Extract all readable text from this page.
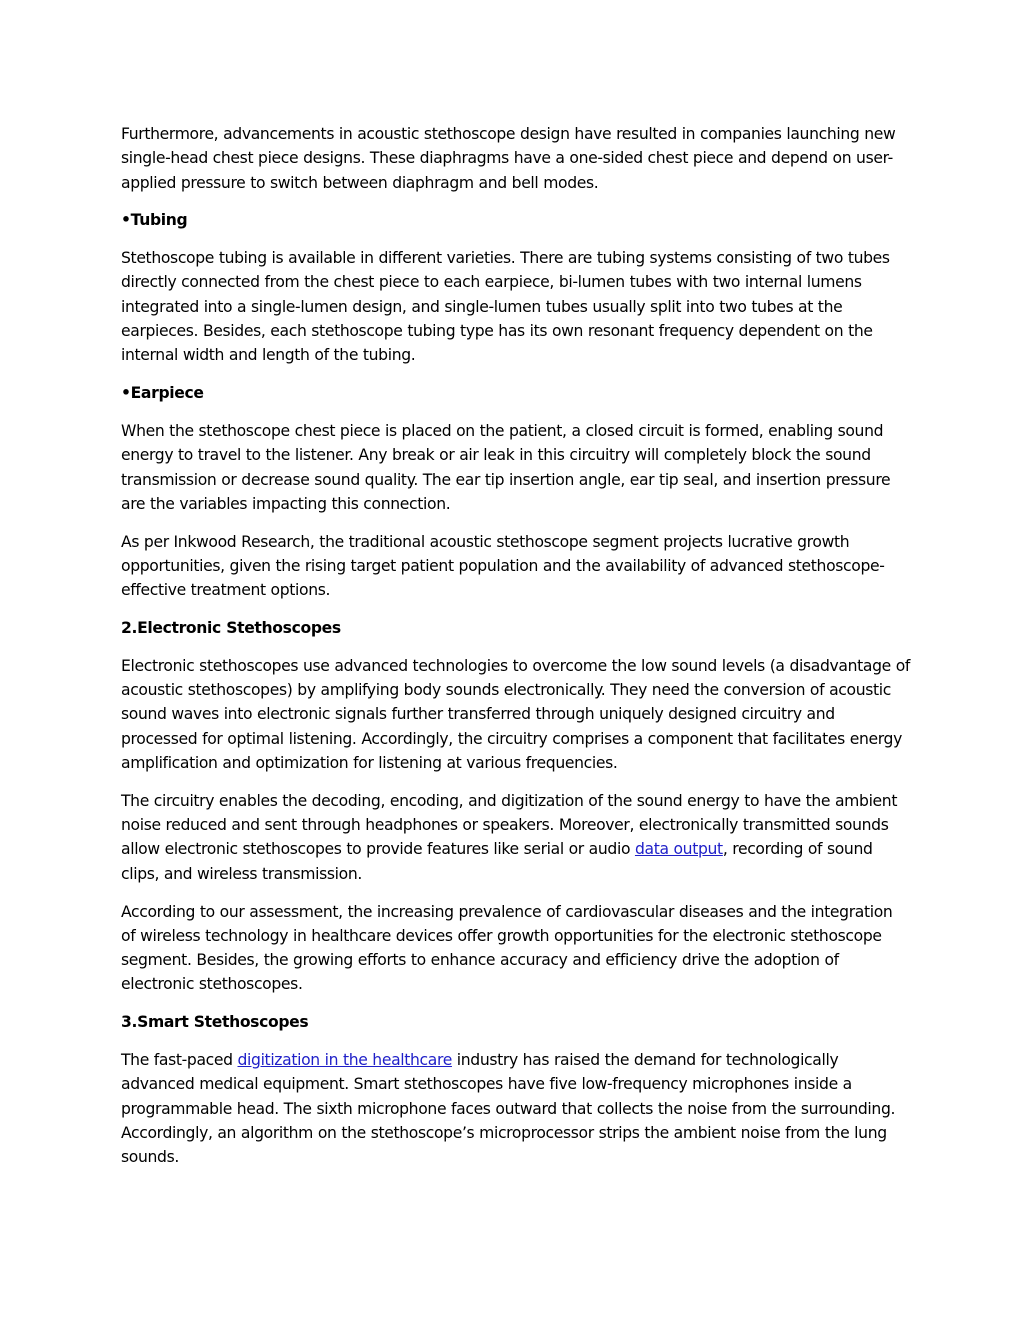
Furthermore, advancements in acoustic stethoscope design have resulted in companies launching new single-head chest piece designs. These diaphragms have a one-sided chest piece and depend on user-applied pressure to switch between diaphragm and bell modes.

•Tubing

Stethoscope tubing is available in different varieties. There are tubing systems consisting of two tubes directly connected from the chest piece to each earpiece, bi-lumen tubes with two internal lumens integrated into a single-lumen design, and single-lumen tubes usually split into two tubes at the earpieces. Besides, each stethoscope tubing type has its own resonant frequency dependent on the internal width and length of the tubing.

•Earpiece

When the stethoscope chest piece is placed on the patient, a closed circuit is formed, enabling sound energy to travel to the listener. Any break or air leak in this circuitry will completely block the sound transmission or decrease sound quality. The ear tip insertion angle, ear tip seal, and insertion pressure are the variables impacting this connection.

As per Inkwood Research, the traditional acoustic stethoscope segment projects lucrative growth opportunities, given the rising target patient population and the availability of advanced stethoscope-effective treatment options.

2.Electronic Stethoscopes

Electronic stethoscopes use advanced technologies to overcome the low sound levels (a disadvantage of acoustic stethoscopes) by amplifying body sounds electronically. They need the conversion of acoustic sound waves into electronic signals further transferred through uniquely designed circuitry and processed for optimal listening. Accordingly, the circuitry comprises a component that facilitates energy amplification and optimization for listening at various frequencies.

The circuitry enables the decoding, encoding, and digitization of the sound energy to have the ambient noise reduced and sent through headphones or speakers. Moreover, electronically transmitted sounds allow electronic stethoscopes to provide features like serial or audio data output, recording of sound clips, and wireless transmission.

According to our assessment, the increasing prevalence of cardiovascular diseases and the integration of wireless technology in healthcare devices offer growth opportunities for the electronic stethoscope segment. Besides, the growing efforts to enhance accuracy and efficiency drive the adoption of electronic stethoscopes.

3.Smart Stethoscopes

The fast-paced digitization in the healthcare industry has raised the demand for technologically advanced medical equipment. Smart stethoscopes have five low-frequency microphones inside a programmable head. The sixth microphone faces outward that collects the noise from the surrounding. Accordingly, an algorithm on the stethoscope’s microprocessor strips the ambient noise from the lung sounds.
